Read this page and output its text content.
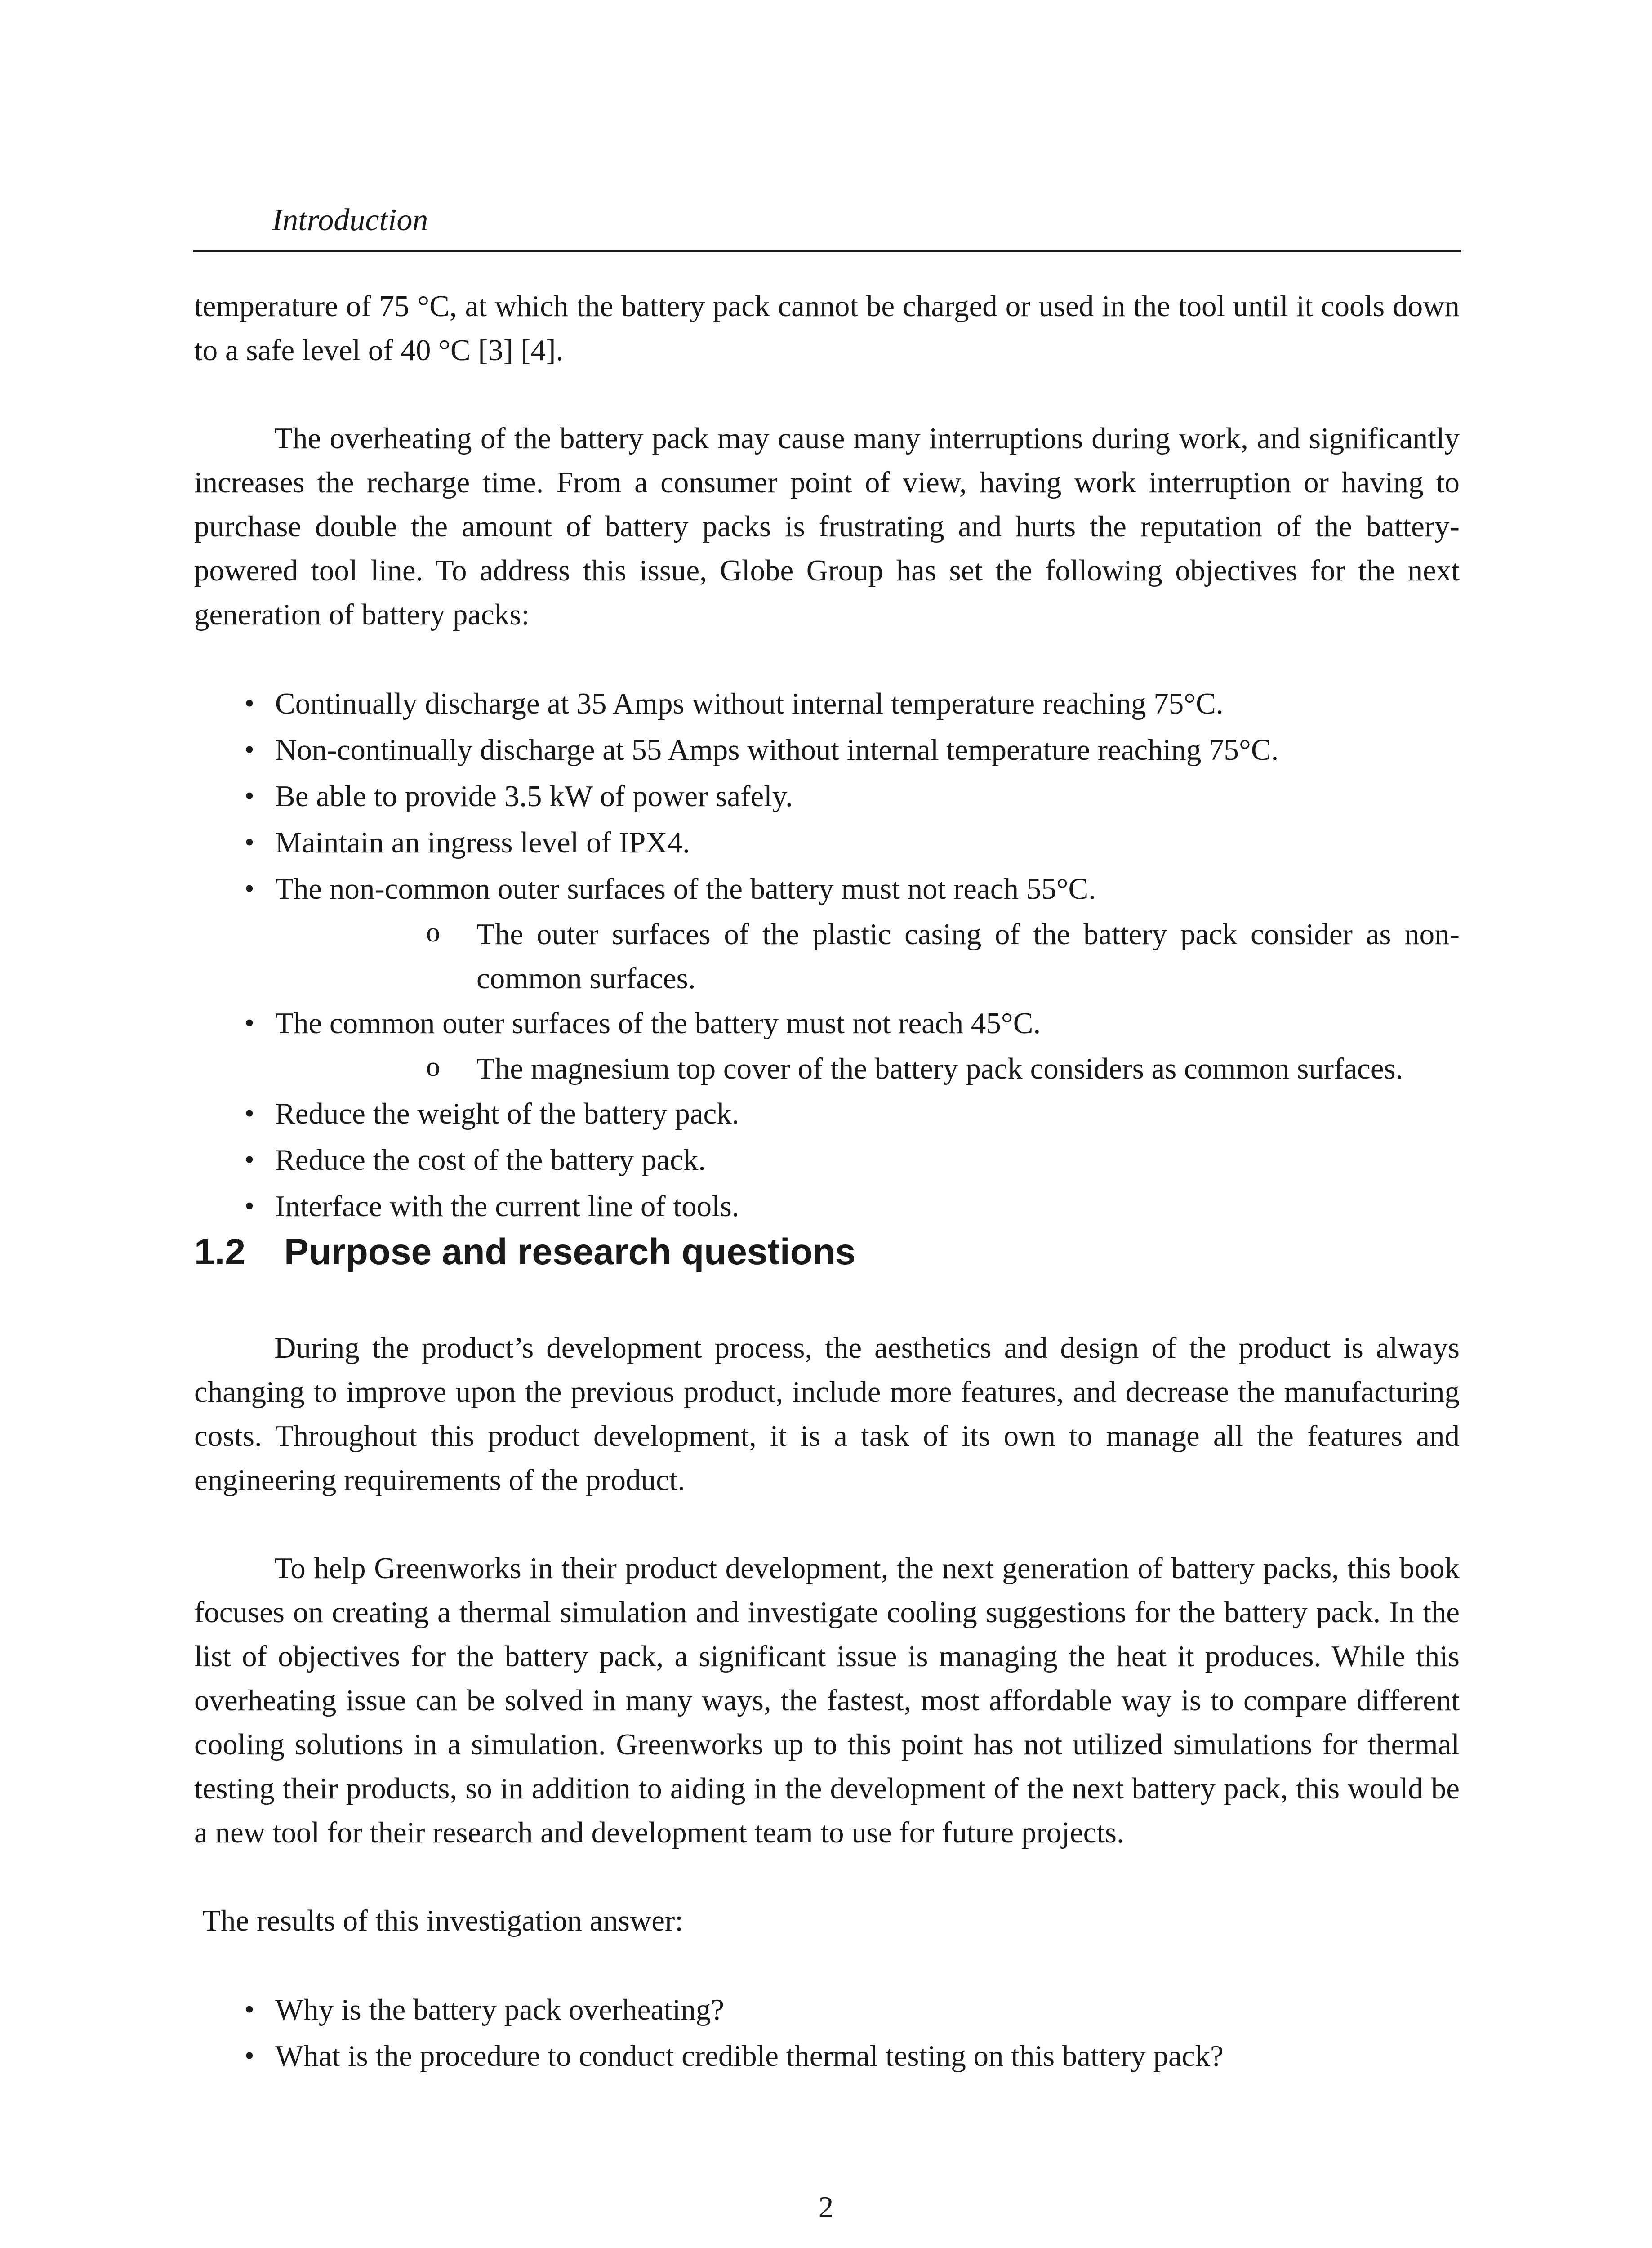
Introduction

temperature of 75 °C, at which the battery pack cannot be charged or used in the tool until it cools down to a safe level of 40 °C [3] [4].

The overheating of the battery pack may cause many interruptions during work, and significantly increases the recharge time. From a consumer point of view, having work interruption or having to purchase double the amount of battery packs is frustrating and hurts the reputation of the battery-powered tool line. To address this issue, Globe Group has set the following objectives for the next generation of battery packs:

• Continually discharge at 35 Amps without internal temperature reaching 75°C.
• Non-continually discharge at 55 Amps without internal temperature reaching 75°C.
• Be able to provide 3.5 kW of power safely.
• Maintain an ingress level of IPX4.
• The non-common outer surfaces of the battery must not reach 55°C.
o The outer surfaces of the plastic casing of the battery pack consider as non-common surfaces.
• The common outer surfaces of the battery must not reach 45°C.
o The magnesium top cover of the battery pack considers as common surfaces.
• Reduce the weight of the battery pack.
• Reduce the cost of the battery pack.
• Interface with the current line of tools.
1.2 Purpose and research questions

During the product’s development process, the aesthetics and design of the product is always changing to improve upon the previous product, include more features, and decrease the manufacturing costs. Throughout this product development, it is a task of its own to manage all the features and engineering requirements of the product.

To help Greenworks in their product development, the next generation of battery packs, this book focuses on creating a thermal simulation and investigate cooling suggestions for the battery pack. In the list of objectives for the battery pack, a significant issue is managing the heat it produces. While this overheating issue can be solved in many ways, the fastest, most affordable way is to compare different cooling solutions in a simulation. Greenworks up to this point has not utilized simulations for thermal testing their products, so in addition to aiding in the development of the next battery pack, this would be a new tool for their research and development team to use for future projects.

The results of this investigation answer:

• Why is the battery pack overheating?
• What is the procedure to conduct credible thermal testing on this battery pack?
2
